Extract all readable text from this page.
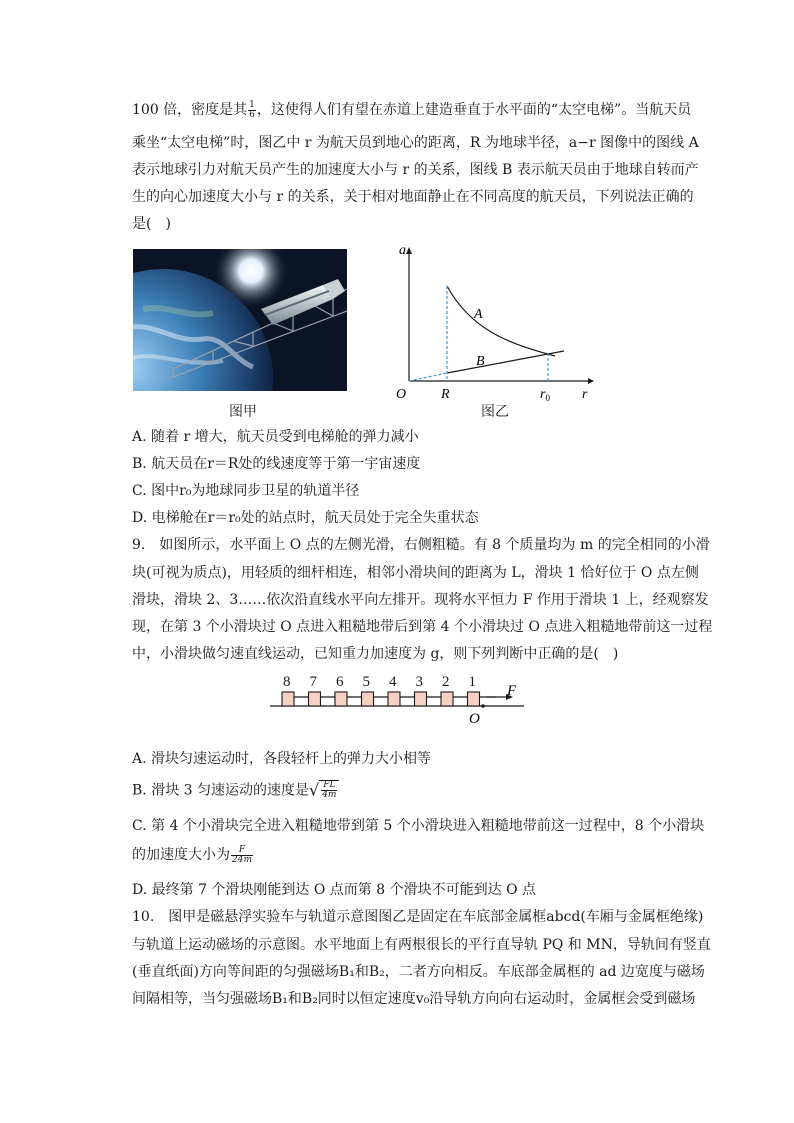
100 倍，密度是其 $\frac{1}{6}$ ，这使得人们有望在赤道上建造垂直于水平面的“太空电梯”。当航天员
乘坐“太空电梯”时，图乙中 r 为航天员到地心的距离，R 为地球半径，a−r 图像中的图线 A
表示地球引力对航天员产生的加速度大小与 r 的关系，图线 B 表示航天员由于地球自转而产
生的向心加速度大小与 r 的关系，关于相对地面静止在不同高度的航天员，下列说法正确的
是(　)
图甲
a
r
O R	$r_0$
A
B
图乙
A. 随着 r 增大，航天员受到电梯舱的弹力减小
B. 航天员在r＝R处的线速度等于第一宇宙速度
C. 图中r₀为地球同步卫星的轨道半径
D. 电梯舱在r＝r₀处的站点时，航天员处于完全失重状态
9.　如图所示，水平面上 O 点的左侧光滑，右侧粗糙。有 8 个质量均为 m 的完全相同的小滑
块(可视为质点)，用轻质的细杆相连，相邻小滑块间的距离为 L，滑块 1 恰好位于 O 点左侧
滑块，滑块 2、3……依次沿直线水平向左排开。现将水平恒力 F 作用于滑块 1 上，经观察发
现，在第 3 个小滑块过 O 点进入粗糙地带后到第 4 个小滑块过 O 点进入粗糙地带前这一过程
中，小滑块做匀速直线运动，已知重力加速度为 g，则下列判断中正确的是(　)
8 7 6 5 4 3 2 1
F
O
A. 滑块匀速运动时，各段轻杆上的弹力大小相等
B. 滑块 3 匀速运动的速度是√ $\frac{FL}{4m}$
C. 第 4 个小滑块完全进入粗糙地带到第 5 个小滑块进入粗糙地带前这一过程中，8 个小滑块
的加速度大小为 $\frac{F}{24m}$
D. 最终第 7 个滑块刚能到达 O 点而第 8 个滑块不可能到达 O 点
10.　图甲是磁悬浮实验车与轨道示意图图乙是固定在车底部金属框abcd(车厢与金属框绝缘)
与轨道上运动磁场的示意图。水平地面上有两根很长的平行直导轨 PQ 和 MN，导轨间有竖直
(垂直纸面)方向等间距的匀强磁场B₁和B₂，二者方向相反。车底部金属框的 ad 边宽度与磁场
间隔相等，当匀强磁场B₁和B₂同时以恒定速度v₀沿导轨方向向右运动时，金属框会受到磁场
